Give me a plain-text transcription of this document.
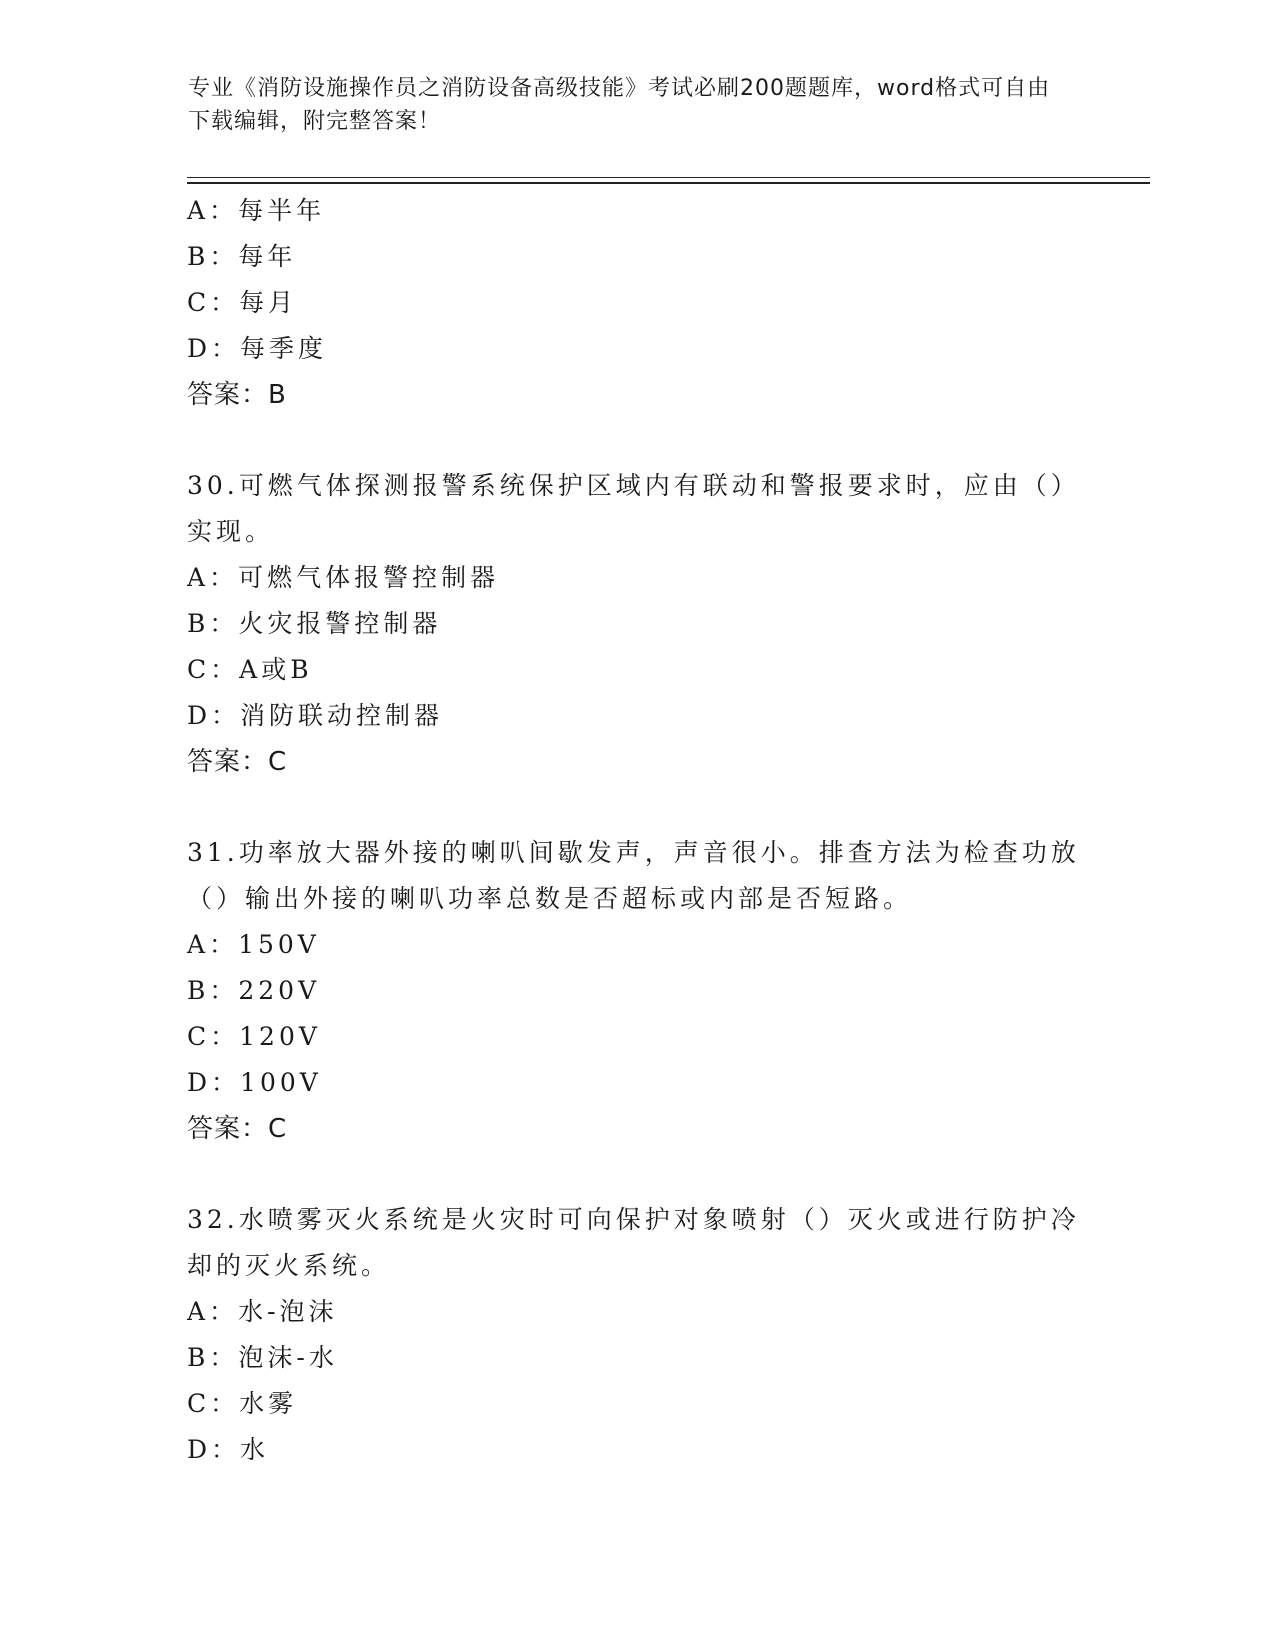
专业《消防设施操作员之消防设备高级技能》考试必刷200题题库，word格式可自由下载编辑，附完整答案！
A：每半年
B：每年
C：每月
D：每季度
答案：B
30.可燃气体探测报警系统保护区域内有联动和警报要求时，应由（）实现。
A：可燃气体报警控制器
B：火灾报警控制器
C：A或B
D：消防联动控制器
答案：C
31.功率放大器外接的喇叭间歇发声，声音很小。排查方法为检查功放（）输出外接的喇叭功率总数是否超标或内部是否短路。
A：150V
B：220V
C：120V
D：100V
答案：C
32.水喷雾灭火系统是火灾时可向保护对象喷射（）灭火或进行防护冷却的灭火系统。
A：水-泡沫
B：泡沫-水
C：水雾
D：水
